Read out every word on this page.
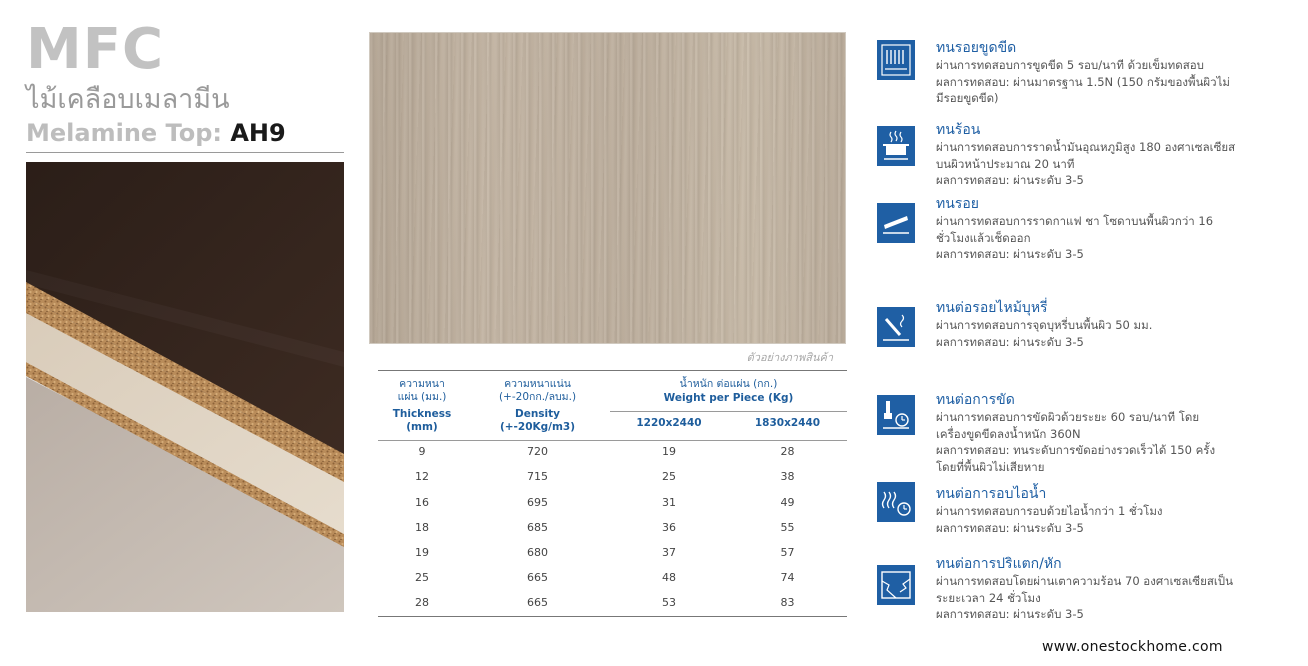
MFC
ไม้เคลือบเมลามีน
Melamine Top: AH9
ตัวอย่างภาพสินค้า
ความหนา
แผ่น (มม.)
Thickness
(mm)
ความหนาแน่น
(+-20กก./ลบม.)
Density
(+-20Kg/m3)
น้ำหนัก ต่อแผ่น (กก.)
Weight per Piece (Kg)
1220x2440	1830x2440
9	720	19	28
12	715	25	38
16	695	31	49
18	685	36	55
19	680	37	57
25	665	48	74
28	665	53	83
ทนรอยขูดขีด
ผ่านการทดสอบการขูดขีด 5 รอบ/นาที ด้วยเข็มทดสอบ
ผลการทดสอบ: ผ่านมาตรฐาน 1.5N (150 กรัมของพื้นผิวไม่
มีรอยขูดขีด)
ทนร้อน
ผ่านการทดสอบการราดน้ำมันอุณหภูมิสูง 180 องศาเซลเซียส
บนผิวหน้าประมาณ 20 นาที
ผลการทดสอบ: ผ่านระดับ 3-5
ทนรอย
ผ่านการทดสอบการราดกาแฟ ชา โซดาบนพื้นผิวกว่า 16
ชั่วโมงแล้วเช็ดออก
ผลการทดสอบ: ผ่านระดับ 3-5
ทนต่อรอยไหม้บุหรี่
ผ่านการทดสอบการจุดบุหรี่บนพื้นผิว 50 มม.
ผลการทดสอบ: ผ่านระดับ 3-5
ทนต่อการขัด
ผ่านการทดสอบการขัดผิวด้วยระยะ 60 รอบ/นาที โดย
เครื่องขูดขีดลงน้ำหนัก 360N
ผลการทดสอบ: ทนระดับการขัดอย่างรวดเร็วได้ 150 ครั้ง
โดยที่พื้นผิวไม่เสียหาย
ทนต่อการอบไอน้ำ
ผ่านการทดสอบการอบด้วยไอน้ำกว่า 1 ชั่วโมง
ผลการทดสอบ: ผ่านระดับ 3-5
ทนต่อการปริแตก/หัก
ผ่านการทดสอบโดยผ่านเตาความร้อน 70 องศาเซลเซียสเป็น
ระยะเวลา 24 ชั่วโมง
ผลการทดสอบ: ผ่านระดับ 3-5
www.onestockhome.com
